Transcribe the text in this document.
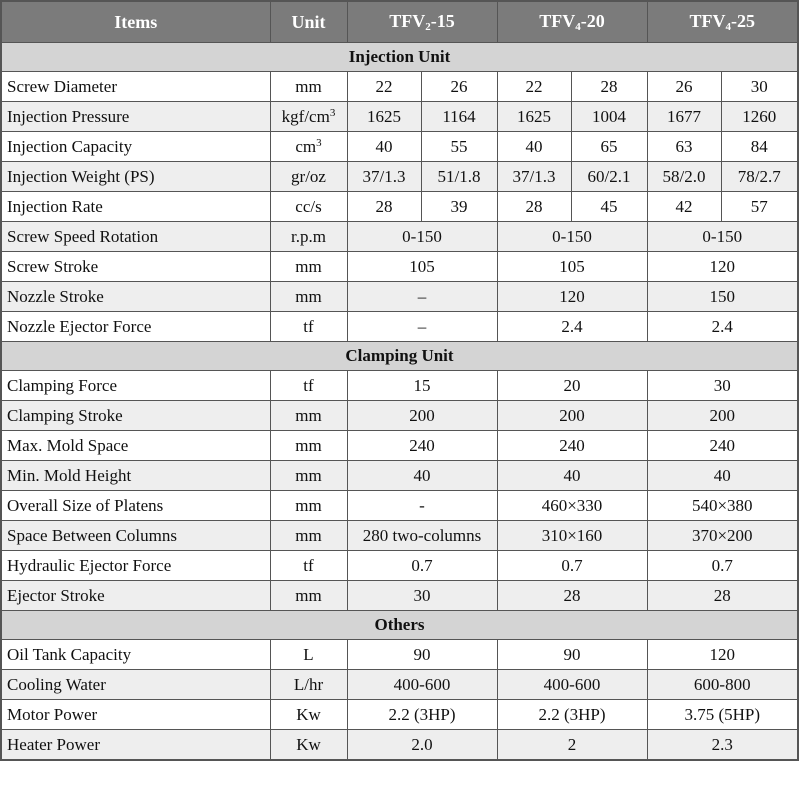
Items	Unit	$TFV_2-15$		$TFV_4-20$		$TFV_4-25$	
Injection Unit							
Screw Diameter	mm	22	26	22	28	26	30
Injection Pressure	kgf/$cm^3$	1625	1164	1625	1004	1677	1260
Injection Capacity	$cm^3$	40	55	40	65	63	84
Injection Weight (PS)	gr/oz	37/1.3	51/1.8	37/1.3	60/2.1	58/2.0	78/2.7
Injection Rate	cc/s	28	39	28	45	42	57
Screw Speed Rotation	r.p.m	0-150		0-150		0-150	
Screw Stroke	mm	105		105		120	
Nozzle Stroke	mm	–		120		150	
Nozzle Ejector Force	tf	–		2.4		2.4	
Clamping Unit							
Clamping Force	tf	15		20		30	
Clamping Stroke	mm	200		200		200	
Max. Mold Space	mm	240		240		240	
Min. Mold Height	mm	40		40		40	
Overall Size of Platens	mm	-		460×330		540×380	
Space Between Columns	mm	280 two-columns		310×160		370×200	
Hydraulic Ejector Force	tf	0.7		0.7		0.7	
Ejector Stroke	mm	30		28		28	
Others							
Oil Tank Capacity	L	90		90		120	
Cooling Water	L/hr	400-600		400-600		600-800	
Motor Power	Kw	2.2 (3HP)		2.2 (3HP)		3.75 (5HP)	
Heater Power	Kw	2.0		2		2.3	
